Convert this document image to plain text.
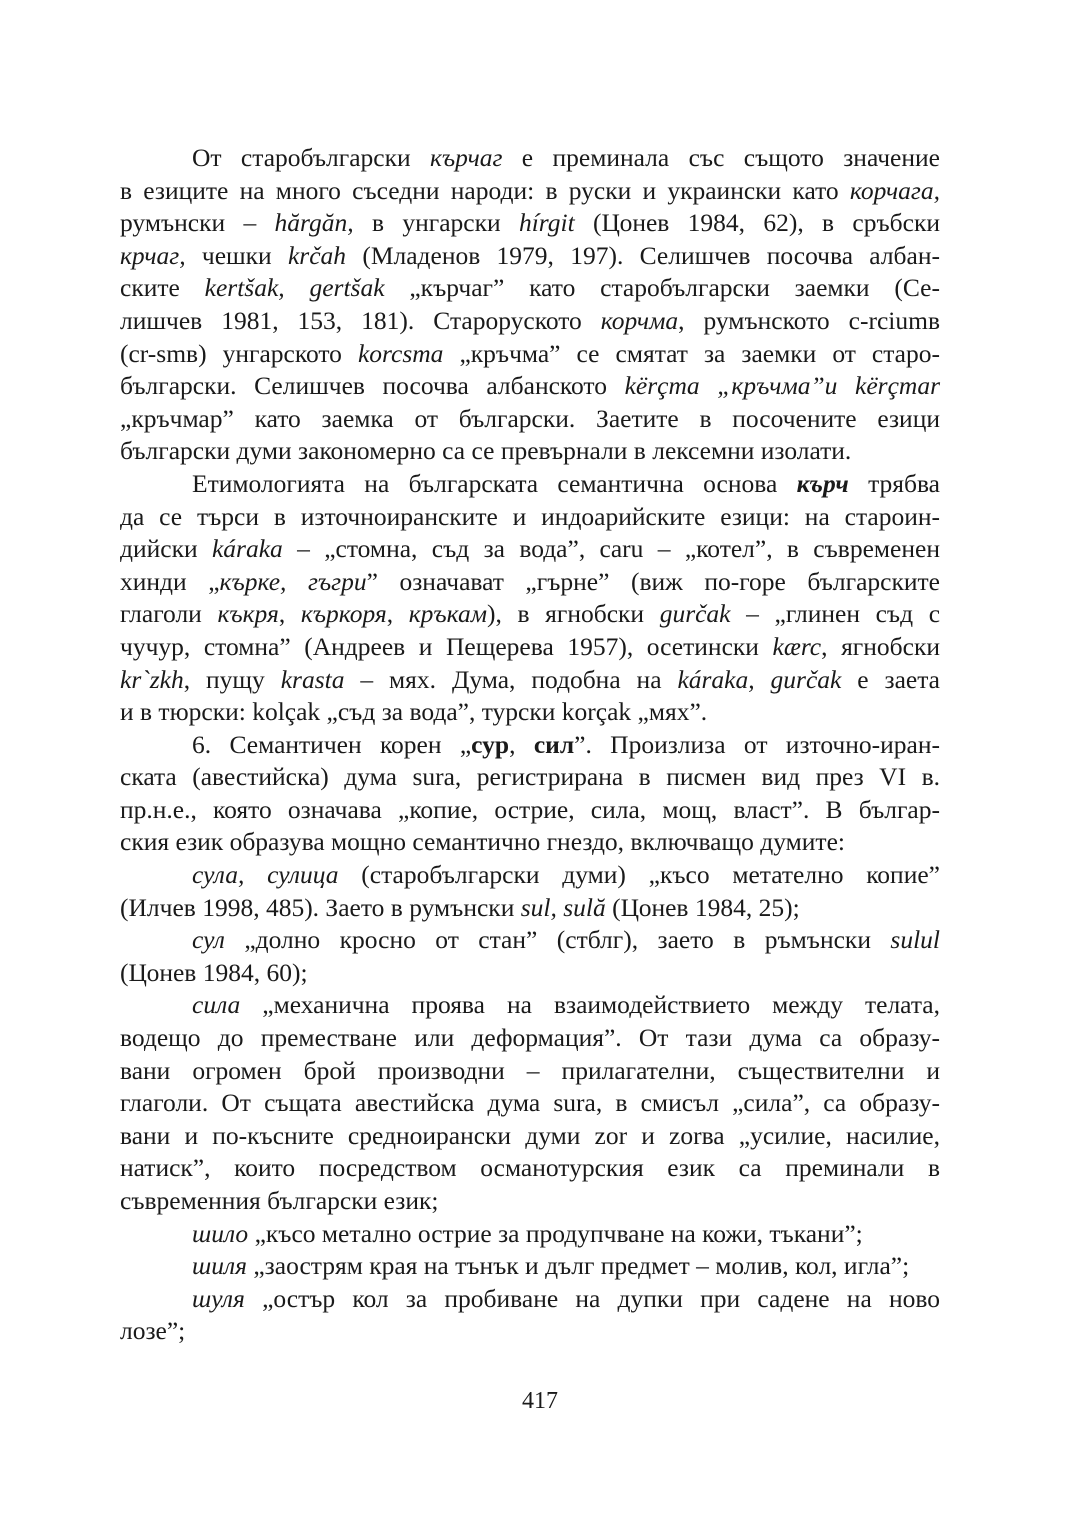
От старобългарски кърчаг е преминала със същото значение
в езиците на много съседни народи: в руски и украински като корчага,
румънски – hărgăn, в унгарски hírgit (Цонев 1984, 62), в сръбски
крчаг, чешки krčah (Младенов 1979, 197). Селишчев посочва албан-
ските kertšak, gertšak „кърчаг” като старобългарски заемки (Се-
лишчев 1981, 153, 181). Староруското корчма, румънското c-rciumв
(cr-smв) унгарското korcsma „кръчма” се смятат за заемки от старо-
български. Селишчев посочва албанското kërçma „кръчма”и kërçmar
„кръчмар” като заемка от български. Заетите в посочените езици
български думи закономерно са се превърнали в лексемни изолати.
Етимологията на българската семантична основа кърч трябва
да се търси в източноиранските и индоарийските езици: на староин-
дийски káraka – „стомна, съд за вода”, caru – „котел”, в съвременен
хинди „кърке, гъгри” означават „гърне” (виж по-горе българските
глаголи къкря, къркоря, кръкам), в ягнобски gurčak – „глинен съд с
чучур, стомна” (Андреев и Пещерева 1957), осетински kærc, ягнобски
kr`zkh, пущу krasta – мях. Дума, подобна на káraka, gurčak е заета
и в тюрски: kolçak „съд за вода”, турски korçak „мях”.
6. Семантичен корен „сур, сил”. Произлиза от източно-иран-
ската (авестийска) дума sura, регистрирана в писмен вид през VI в.
пр.н.е., която означава „копие, острие, сила, мощ, власт”. В българ-
ския език образува мощно семантично гнездо, включващо думите:
сула, сулица (старобългарски думи) „късо метателно копие”
(Илчев 1998, 485). Заето в румънски sul, sulă (Цонев 1984, 25);
сул „долно кросно от стан” (стблг), заето в ръмънски sulul
(Цонев 1984, 60);
сила „механична проява на взаимодействието между телата,
водещо до преместване или деформация”. От тази дума са образу-
вани огромен брой производни – прилагателни, съществителни и
глаголи. От същата авестийска дума sura, в смисъл „сила”, са образу-
вани и по-късните средноирански думи zor и zorва „усилие, насилие,
натиск”, които посредством османотурския език са преминали в
съвременния български език;
шило „късо метално острие за продупчване на кожи, тъкани”;
шиля „заострям края на тънък и дълг предмет – молив, кол, игла”;
шуля „остър кол за пробиване на дупки при садене на ново
лозе”;
417
